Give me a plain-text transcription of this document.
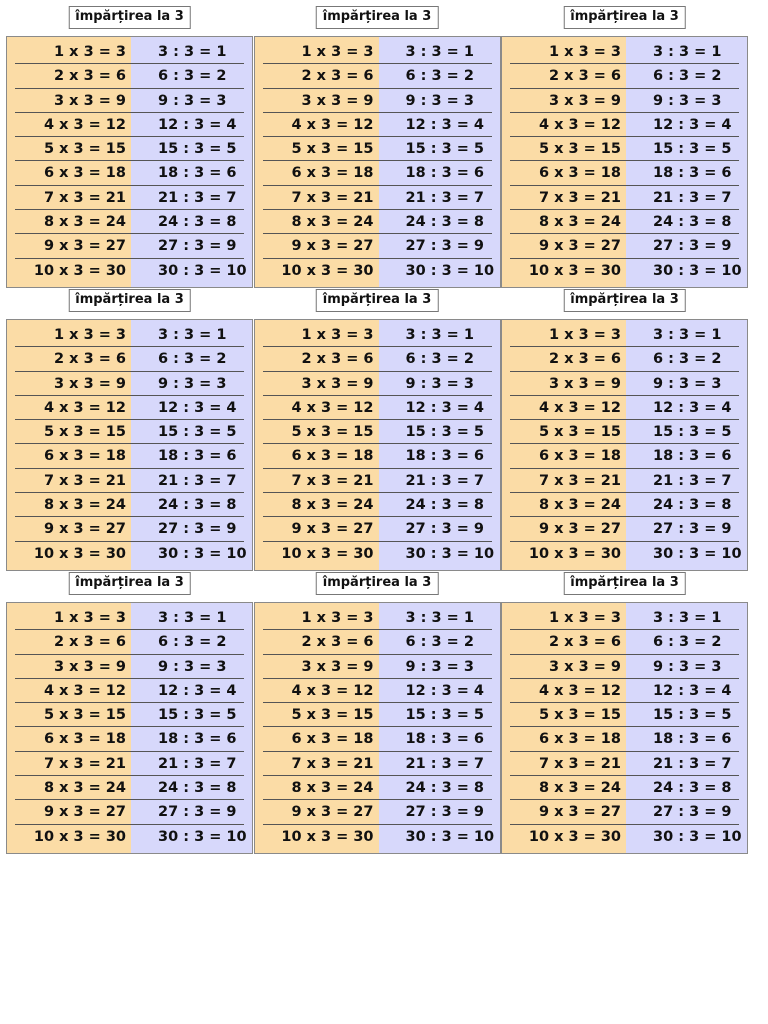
împărțirea la 3
1 x 3 = 3 3 : 3 = 1
2 x 3 = 6 6 : 3 = 2
3 x 3 = 9 9 : 3 = 3
4 x 3 = 12 12 : 3 = 4
5 x 3 = 15 15 : 3 = 5
6 x 3 = 18 18 : 3 = 6
7 x 3 = 21 21 : 3 = 7
8 x 3 = 24 24 : 3 = 8
9 x 3 = 27 27 : 3 = 9
10 x 3 = 30 30 : 3 = 10
împărțirea la 3
1 x 3 = 3 3 : 3 = 1
2 x 3 = 6 6 : 3 = 2
3 x 3 = 9 9 : 3 = 3
4 x 3 = 12 12 : 3 = 4
5 x 3 = 15 15 : 3 = 5
6 x 3 = 18 18 : 3 = 6
7 x 3 = 21 21 : 3 = 7
8 x 3 = 24 24 : 3 = 8
9 x 3 = 27 27 : 3 = 9
10 x 3 = 30 30 : 3 = 10
împărțirea la 3
1 x 3 = 3 3 : 3 = 1
2 x 3 = 6 6 : 3 = 2
3 x 3 = 9 9 : 3 = 3
4 x 3 = 12 12 : 3 = 4
5 x 3 = 15 15 : 3 = 5
6 x 3 = 18 18 : 3 = 6
7 x 3 = 21 21 : 3 = 7
8 x 3 = 24 24 : 3 = 8
9 x 3 = 27 27 : 3 = 9
10 x 3 = 30 30 : 3 = 10
împărțirea la 3
1 x 3 = 3 3 : 3 = 1
2 x 3 = 6 6 : 3 = 2
3 x 3 = 9 9 : 3 = 3
4 x 3 = 12 12 : 3 = 4
5 x 3 = 15 15 : 3 = 5
6 x 3 = 18 18 : 3 = 6
7 x 3 = 21 21 : 3 = 7
8 x 3 = 24 24 : 3 = 8
9 x 3 = 27 27 : 3 = 9
10 x 3 = 30 30 : 3 = 10
împărțirea la 3
1 x 3 = 3 3 : 3 = 1
2 x 3 = 6 6 : 3 = 2
3 x 3 = 9 9 : 3 = 3
4 x 3 = 12 12 : 3 = 4
5 x 3 = 15 15 : 3 = 5
6 x 3 = 18 18 : 3 = 6
7 x 3 = 21 21 : 3 = 7
8 x 3 = 24 24 : 3 = 8
9 x 3 = 27 27 : 3 = 9
10 x 3 = 30 30 : 3 = 10
împărțirea la 3
1 x 3 = 3 3 : 3 = 1
2 x 3 = 6 6 : 3 = 2
3 x 3 = 9 9 : 3 = 3
4 x 3 = 12 12 : 3 = 4
5 x 3 = 15 15 : 3 = 5
6 x 3 = 18 18 : 3 = 6
7 x 3 = 21 21 : 3 = 7
8 x 3 = 24 24 : 3 = 8
9 x 3 = 27 27 : 3 = 9
10 x 3 = 30 30 : 3 = 10
împărțirea la 3
1 x 3 = 3 3 : 3 = 1
2 x 3 = 6 6 : 3 = 2
3 x 3 = 9 9 : 3 = 3
4 x 3 = 12 12 : 3 = 4
5 x 3 = 15 15 : 3 = 5
6 x 3 = 18 18 : 3 = 6
7 x 3 = 21 21 : 3 = 7
8 x 3 = 24 24 : 3 = 8
9 x 3 = 27 27 : 3 = 9
10 x 3 = 30 30 : 3 = 10
împărțirea la 3
1 x 3 = 3 3 : 3 = 1
2 x 3 = 6 6 : 3 = 2
3 x 3 = 9 9 : 3 = 3
4 x 3 = 12 12 : 3 = 4
5 x 3 = 15 15 : 3 = 5
6 x 3 = 18 18 : 3 = 6
7 x 3 = 21 21 : 3 = 7
8 x 3 = 24 24 : 3 = 8
9 x 3 = 27 27 : 3 = 9
10 x 3 = 30 30 : 3 = 10
împărțirea la 3
1 x 3 = 3 3 : 3 = 1
2 x 3 = 6 6 : 3 = 2
3 x 3 = 9 9 : 3 = 3
4 x 3 = 12 12 : 3 = 4
5 x 3 = 15 15 : 3 = 5
6 x 3 = 18 18 : 3 = 6
7 x 3 = 21 21 : 3 = 7
8 x 3 = 24 24 : 3 = 8
9 x 3 = 27 27 : 3 = 9
10 x 3 = 30 30 : 3 = 10
